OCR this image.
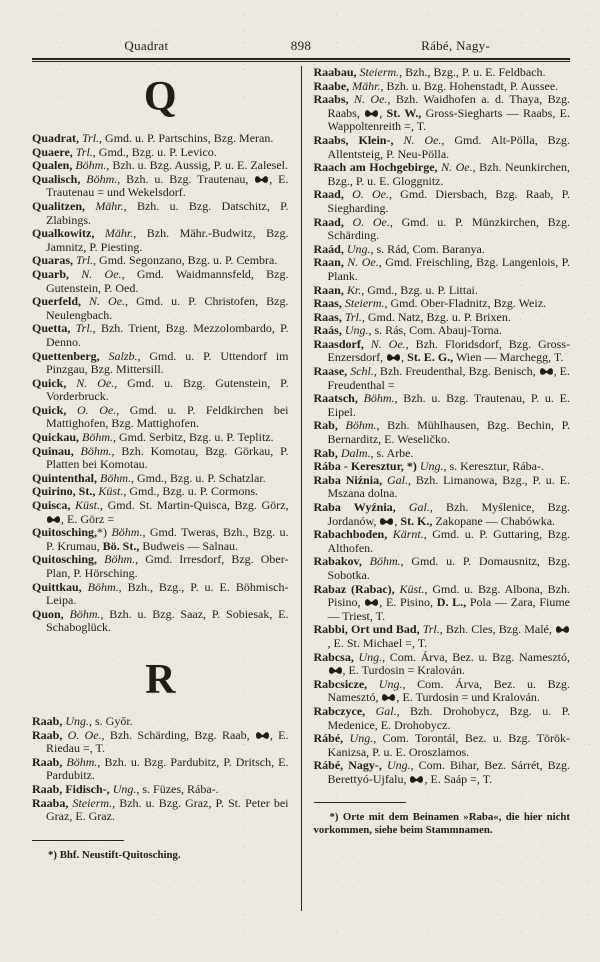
Quadrat	898	Rábé, Nagy-
Q

Quadrat, Trl., Gmd. u. P. Partschins, Bzg. Meran.

Quaere, Trl., Gmd., Bzg. u. P. Levico.

Qualen, Böhm., Bzh. u. Bzg. Aussig, P. u. E. Zalesel.

Qualisch, Böhm., Bzh. u. Bzg. Trautenau,
, E. Trautenau = und Wekelsdorf.

Qualitzen, Mähr., Bzh. u. Bzg. Datschitz, P. Zlabings.

Qualkowitz, Mähr., Bzh. Mähr.-Budwitz, Bzg. Jamnitz, P. Piesting.

Quaras, Trl., Gmd. Segonzano, Bzg. u. P. Cembra.

Quarb, N. Oe., Gmd. Waidmannsfeld, Bzg. Gutenstein, P. Oed.

Querfeld, N. Oe., Gmd. u. P. Christofen, Bzg. Neulengbach.

Quetta, Trl., Bzh. Trient, Bzg. Mezzolombardo, P. Denno.

Quettenberg, Salzb., Gmd. u. P. Uttendorf im Pinzgau, Bzg. Mittersill.

Quick, N. Oe., Gmd. u. Bzg. Gutenstein, P. Vorderbruck.

Quick, O. Oe., Gmd. u. P. Feldkirchen bei Mattighofen, Bzg. Mattighofen.

Quickau, Böhm., Gmd. Serbitz, Bzg. u. P. Teplitz.

Quinau, Böhm., Bzh. Komotau, Bzg. Görkau, P. Platten bei Komotau.

Quintenthal, Böhm., Gmd., Bzg. u. P. Schatzlar.

Quirino, St., Küst., Gmd., Bzg. u. P. Cormons.

Quisca, Küst., Gmd. St. Martin-Quisca, Bzg. Görz,
, E. Görz =

Quitosching,*) Böhm., Gmd. Tweras, Bzh., Bzg. u. P. Krumau, Bö. St., Budweis — Salnau.

Quitosching, Böhm., Gmd. Irresdorf, Bzg. Ober-Plan, P. Hörsching.

Quittkau, Böhm., Bzh., Bzg., P. u. E. Böhmisch-Leipa.

Quon, Böhm., Bzh. u. Bzg. Saaz, P. Sobiesak, E. Schaboglück.

R

Raab, Ung., s. Győr.

Raab, O. Oe., Bzh. Schärding, Bzg. Raab,
, E. Riedau =, T.

Raab, Böhm., Bzh. u. Bzg. Pardubitz, P. Dritsch, E. Pardubitz.

Raab, Fidisch-, Ung., s. Füzes, Rába-.

Raaba, Steierm., Bzh. u. Bzg. Graz, P. St. Peter bei Graz, E. Graz.

*) Bhf. Neustift-Quitosching.

Raabau, Steierm., Bzh., Bzg., P. u. E. Feldbach.

Raabe, Mähr., Bzh. u. Bzg. Hohenstadt, P. Aussee.

Raabs, N. Oe., Bzh. Waidhofen a. d. Thaya, Bzg. Raabs,
, St. W., Gross-Siegharts — Raabs, E. Wappoltenreith =, T.

Raabs, Klein-, N. Oe., Gmd. Alt-Pölla, Bzg. Allentsteig, P. Neu-Pölla.

Raach am Hochgebirge, N. Oe., Bzh. Neunkirchen, Bzg., P. u. E. Gloggnitz.

Raad, O. Oe., Gmd. Diersbach, Bzg. Raab, P. Siegharding.

Raad, O. Oe., Gmd. u. P. Münzkirchen, Bzg. Schärding.

Raád, Ung., s. Rád, Com. Baranya.

Raan, N. Oe., Gmd. Freischling, Bzg. Langenlois, P. Plank.

Raan, Kr., Gmd., Bzg. u. P. Littai.

Raas, Steierm., Gmd. Ober-Fladnitz, Bzg. Weiz.

Raas, Trl., Gmd. Natz, Bzg. u. P. Brixen.

Raás, Ung., s. Rás, Com. Abauj-Torna.

Raasdorf, N. Oe., Bzh. Floridsdorf, Bzg. Gross-Enzersdorf,
, St. E. G., Wien — Marchegg, T.

Raase, Schl., Bzh. Freudenthal, Bzg. Benisch,
, E. Freudenthal =

Raatsch, Böhm., Bzh. u. Bzg. Trautenau, P. u. E. Eipel.

Rab, Böhm., Bzh. Mühlhausen, Bzg. Bechin, P. Bernarditz, E. Weseličko.

Rab, Dalm., s. Arbe.

Rába - Keresztur, *) Ung., s. Keresztur, Rába-.

Raba Niźnia, Gal., Bzh. Limanowa, Bzg., P. u. E. Mszana dolna.

Raba Wyźnia, Gal., Bzh. Myślenice, Bzg. Jordanów,
, St. K., Zakopane — Chabówka.

Rabachboden, Kärnt., Gmd. u. P. Guttaring, Bzg. Althofen.

Rabakov, Böhm., Gmd. u. P. Domausnitz, Bzg. Sobotka.

Rabaz (Rabac), Küst., Gmd. u. Bzg. Albona, Bzh. Pisino,
, E. Pisino, D. L., Pola — Zara, Fiume — Triest, T.

Rabbi, Ort und Bad, Trl., Bzh. Cles, Bzg. Malé,
, E. St. Michael =, T.

Rabcsa, Ung., Com. Árva, Bez. u. Bzg. Namesztó,
, E. Turdosin = Kralován.

Rabcsicze, Ung., Com. Árva, Bez. u. Bzg. Namesztó,
, E. Turdosin = und Kralován.

Rabczyce, Gal., Bzh. Drohobycz, Bzg. u. P. Medenice, E. Drohobycz.

Rábé, Ung., Com. Torontál, Bez. u. Bzg. Török-Kanizsa, P. u. E. Oroszlamos.

Rábé, Nagy-, Ung., Com. Bihar, Bez. Sárrét, Bzg. Berettyó-Ujfalu,
, E. Saáp =, T.

*) Orte mit dem Beinamen »Raba«, die hier nicht vorkommen, siehe beim Stammnamen.
